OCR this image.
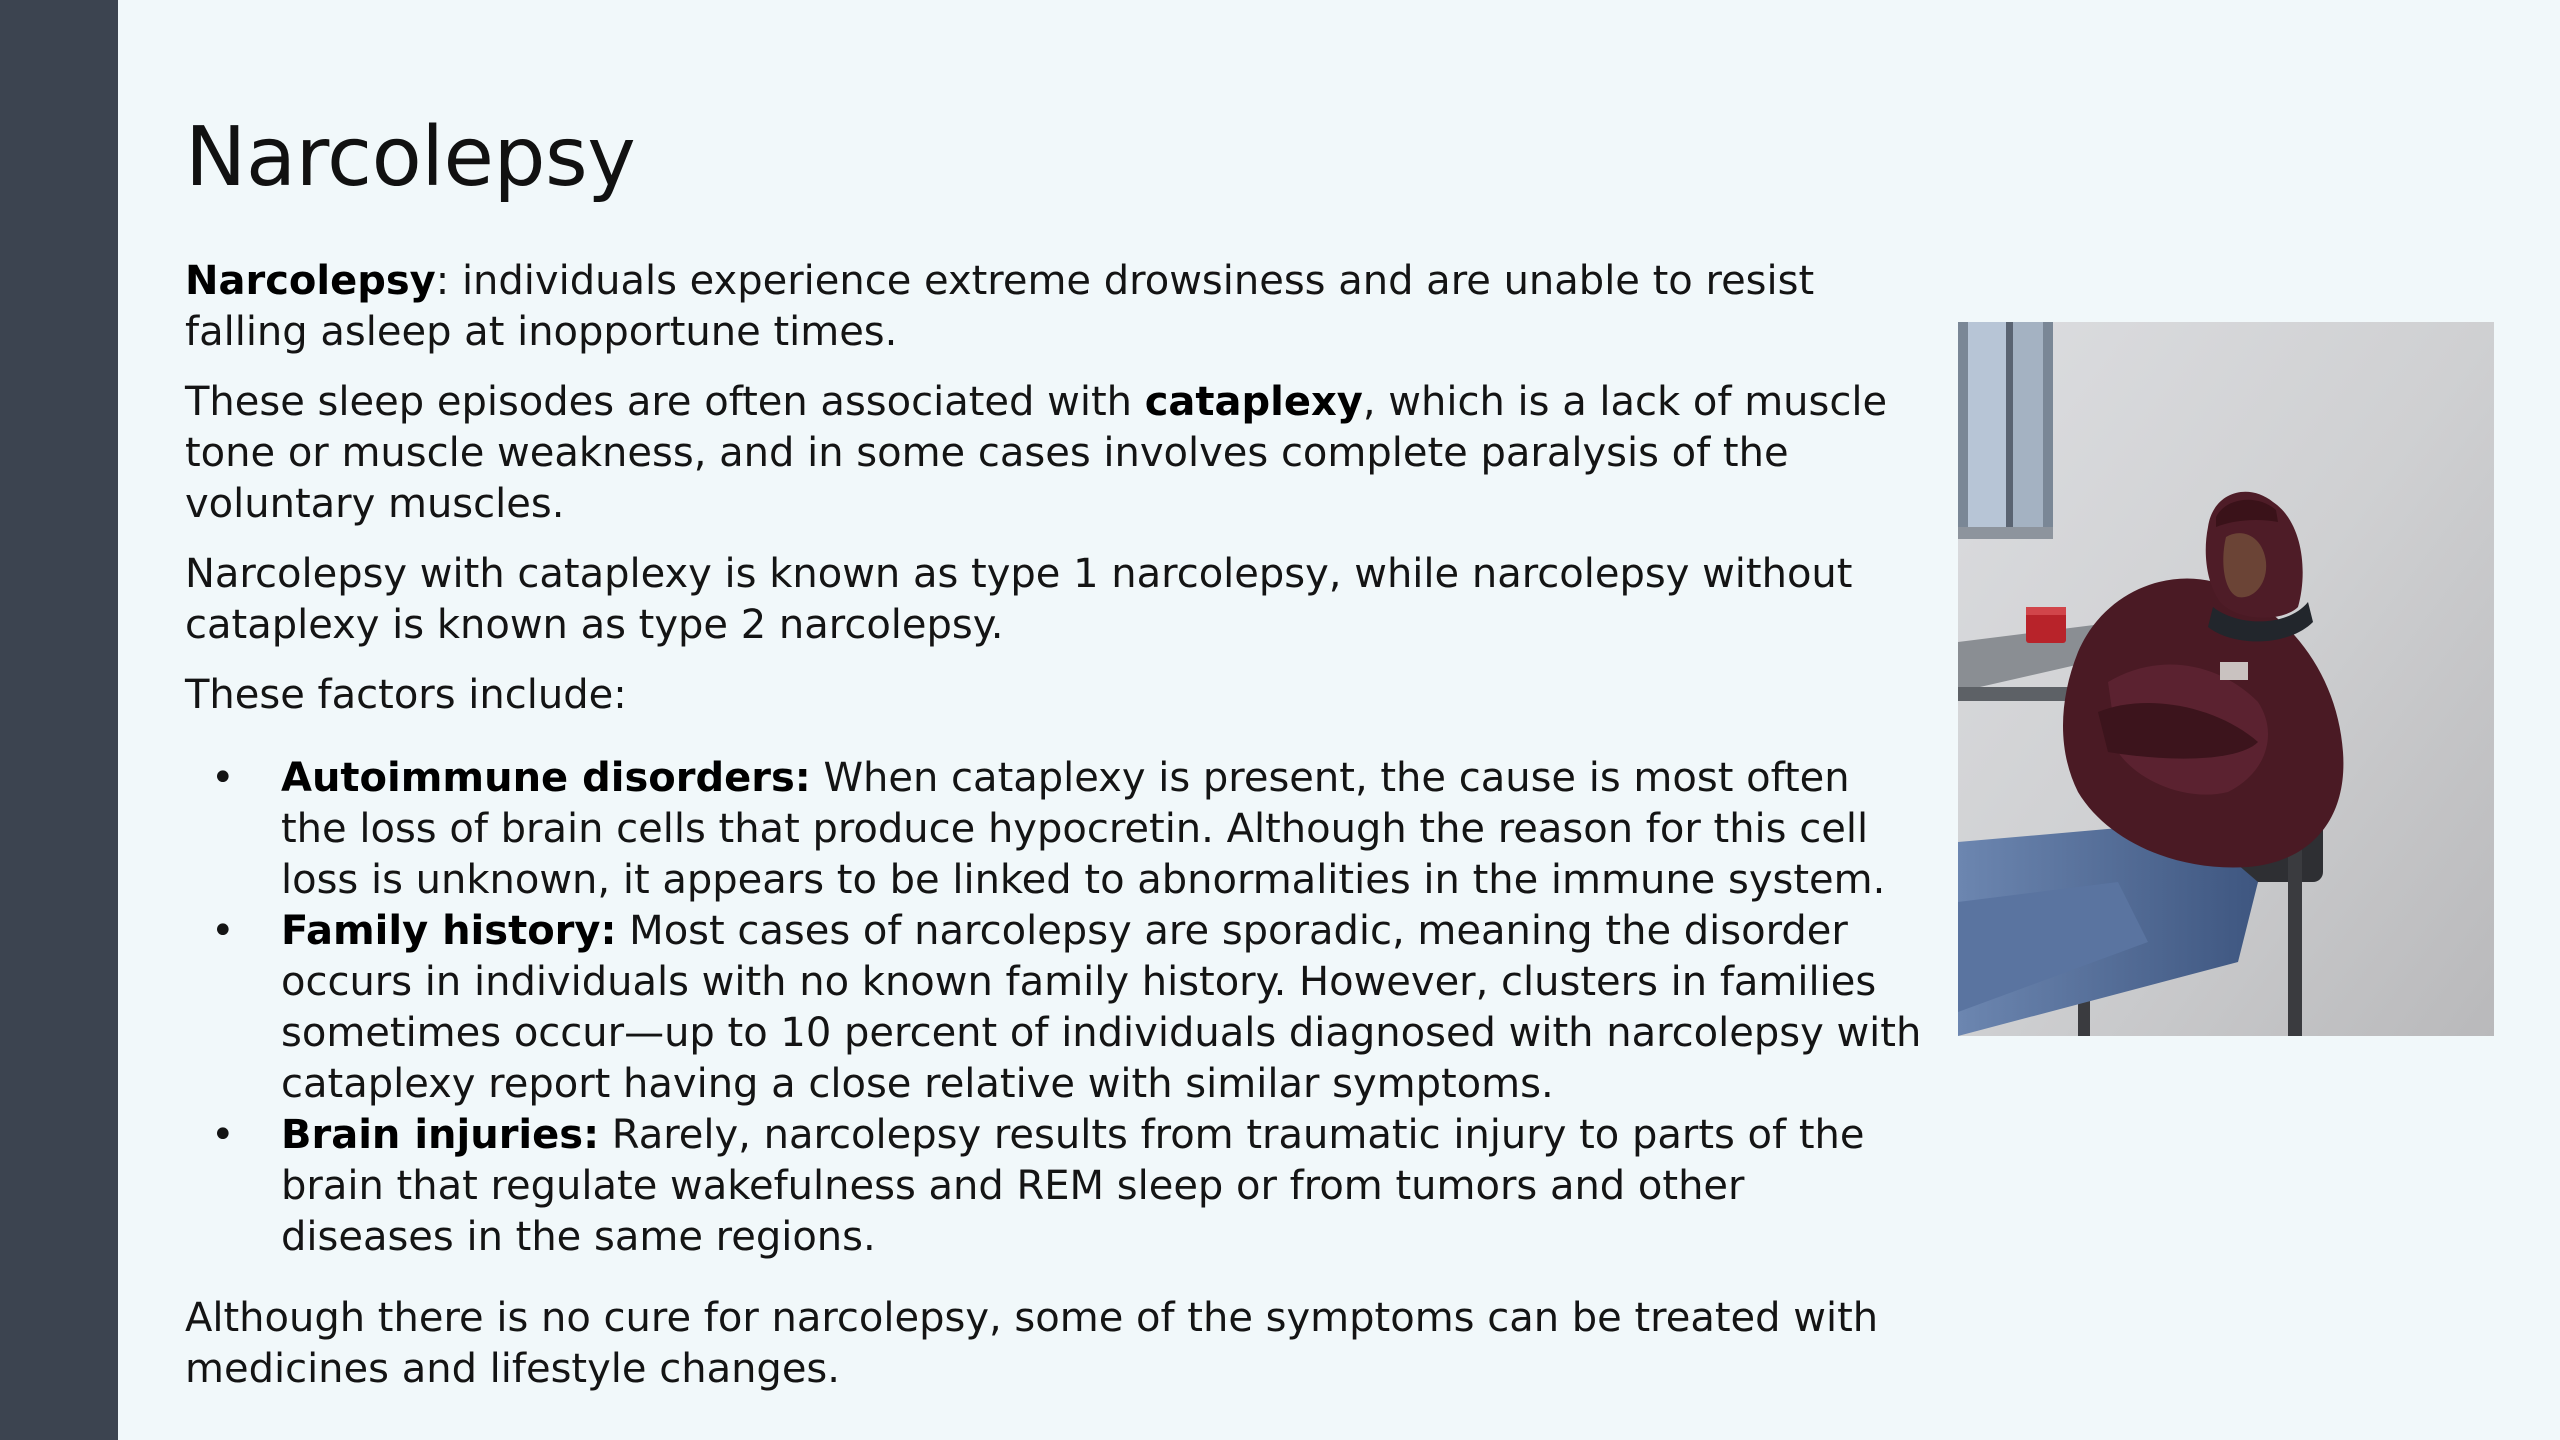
Narcolepsy

Narcolepsy: individuals experience extreme drowsiness and are unable to resist falling asleep at inopportune times.

These sleep episodes are often associated with cataplexy, which is a lack of muscle tone or muscle weakness, and in some cases involves complete paralysis of the voluntary muscles.

Narcolepsy with cataplexy is known as type 1 narcolepsy, while narcolepsy without cataplexy is known as type 2 narcolepsy.

These factors include:

• Autoimmune disorders: When cataplexy is present, the cause is most often the loss of brain cells that produce hypocretin. Although the reason for this cell loss is unknown, it appears to be linked to abnormalities in the immune system.
• Family history: Most cases of narcolepsy are sporadic, meaning the disorder occurs in individuals with no known family history. However, clusters in families sometimes occur—up to 10 percent of individuals diagnosed with narcolepsy with cataplexy report having a close relative with similar symptoms.
• Brain injuries: Rarely, narcolepsy results from traumatic injury to parts of the brain that regulate wakefulness and REM sleep or from tumors and other diseases in the same regions.

Although there is no cure for narcolepsy, some of the symptoms can be treated with medicines and lifestyle changes.
